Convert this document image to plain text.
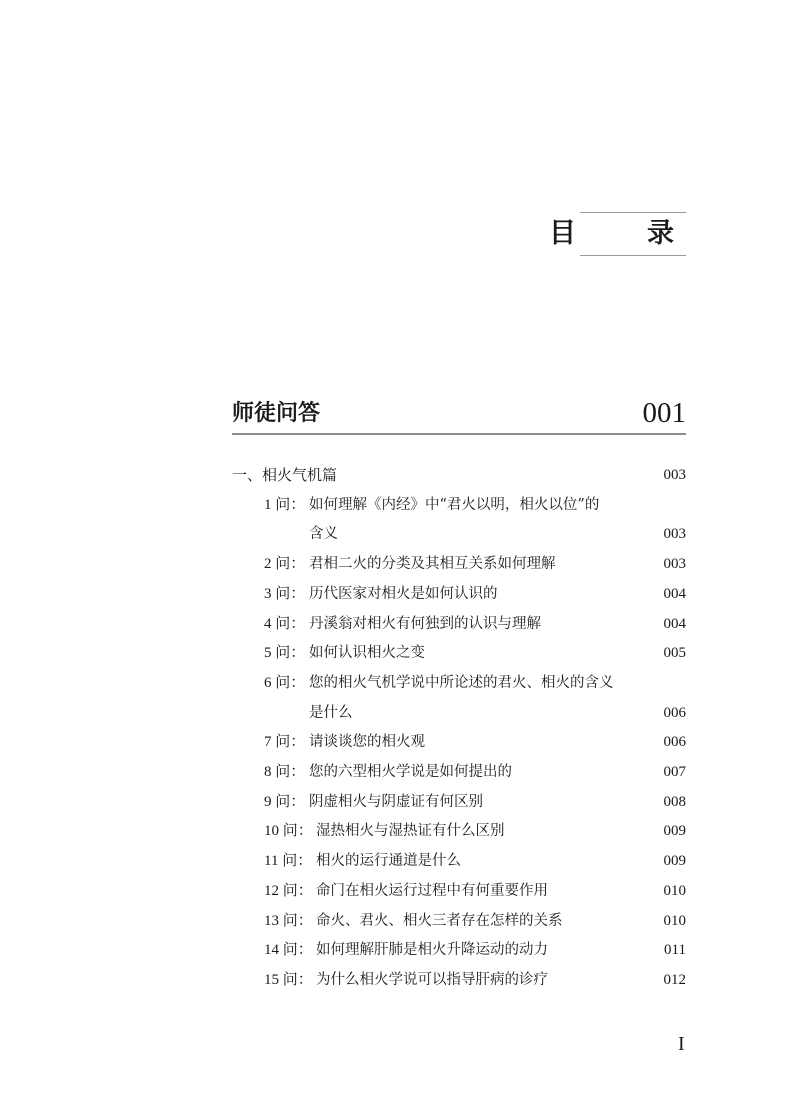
目　录
师徒问答	001
一、相火气机篇	003
1 问： 如何理解《内经》中“君火以明，相火以位”的
含义	003
2 问： 君相二火的分类及其相互关系如何理解	003
3 问： 历代医家对相火是如何认识的	004
4 问： 丹溪翁对相火有何独到的认识与理解	004
5 问： 如何认识相火之变	005
6 问： 您的相火气机学说中所论述的君火、相火的含义
是什么	006
7 问： 请谈谈您的相火观	006
8 问： 您的六型相火学说是如何提出的	007
9 问： 阴虚相火与阴虚证有何区别	008
10 问： 湿热相火与湿热证有什么区别	009
11 问： 相火的运行通道是什么	009
12 问： 命门在相火运行过程中有何重要作用	010
13 问： 命火、君火、相火三者存在怎样的关系	010
14 问： 如何理解肝肺是相火升降运动的动力	011
15 问： 为什么相火学说可以指导肝病的诊疗	012
I
